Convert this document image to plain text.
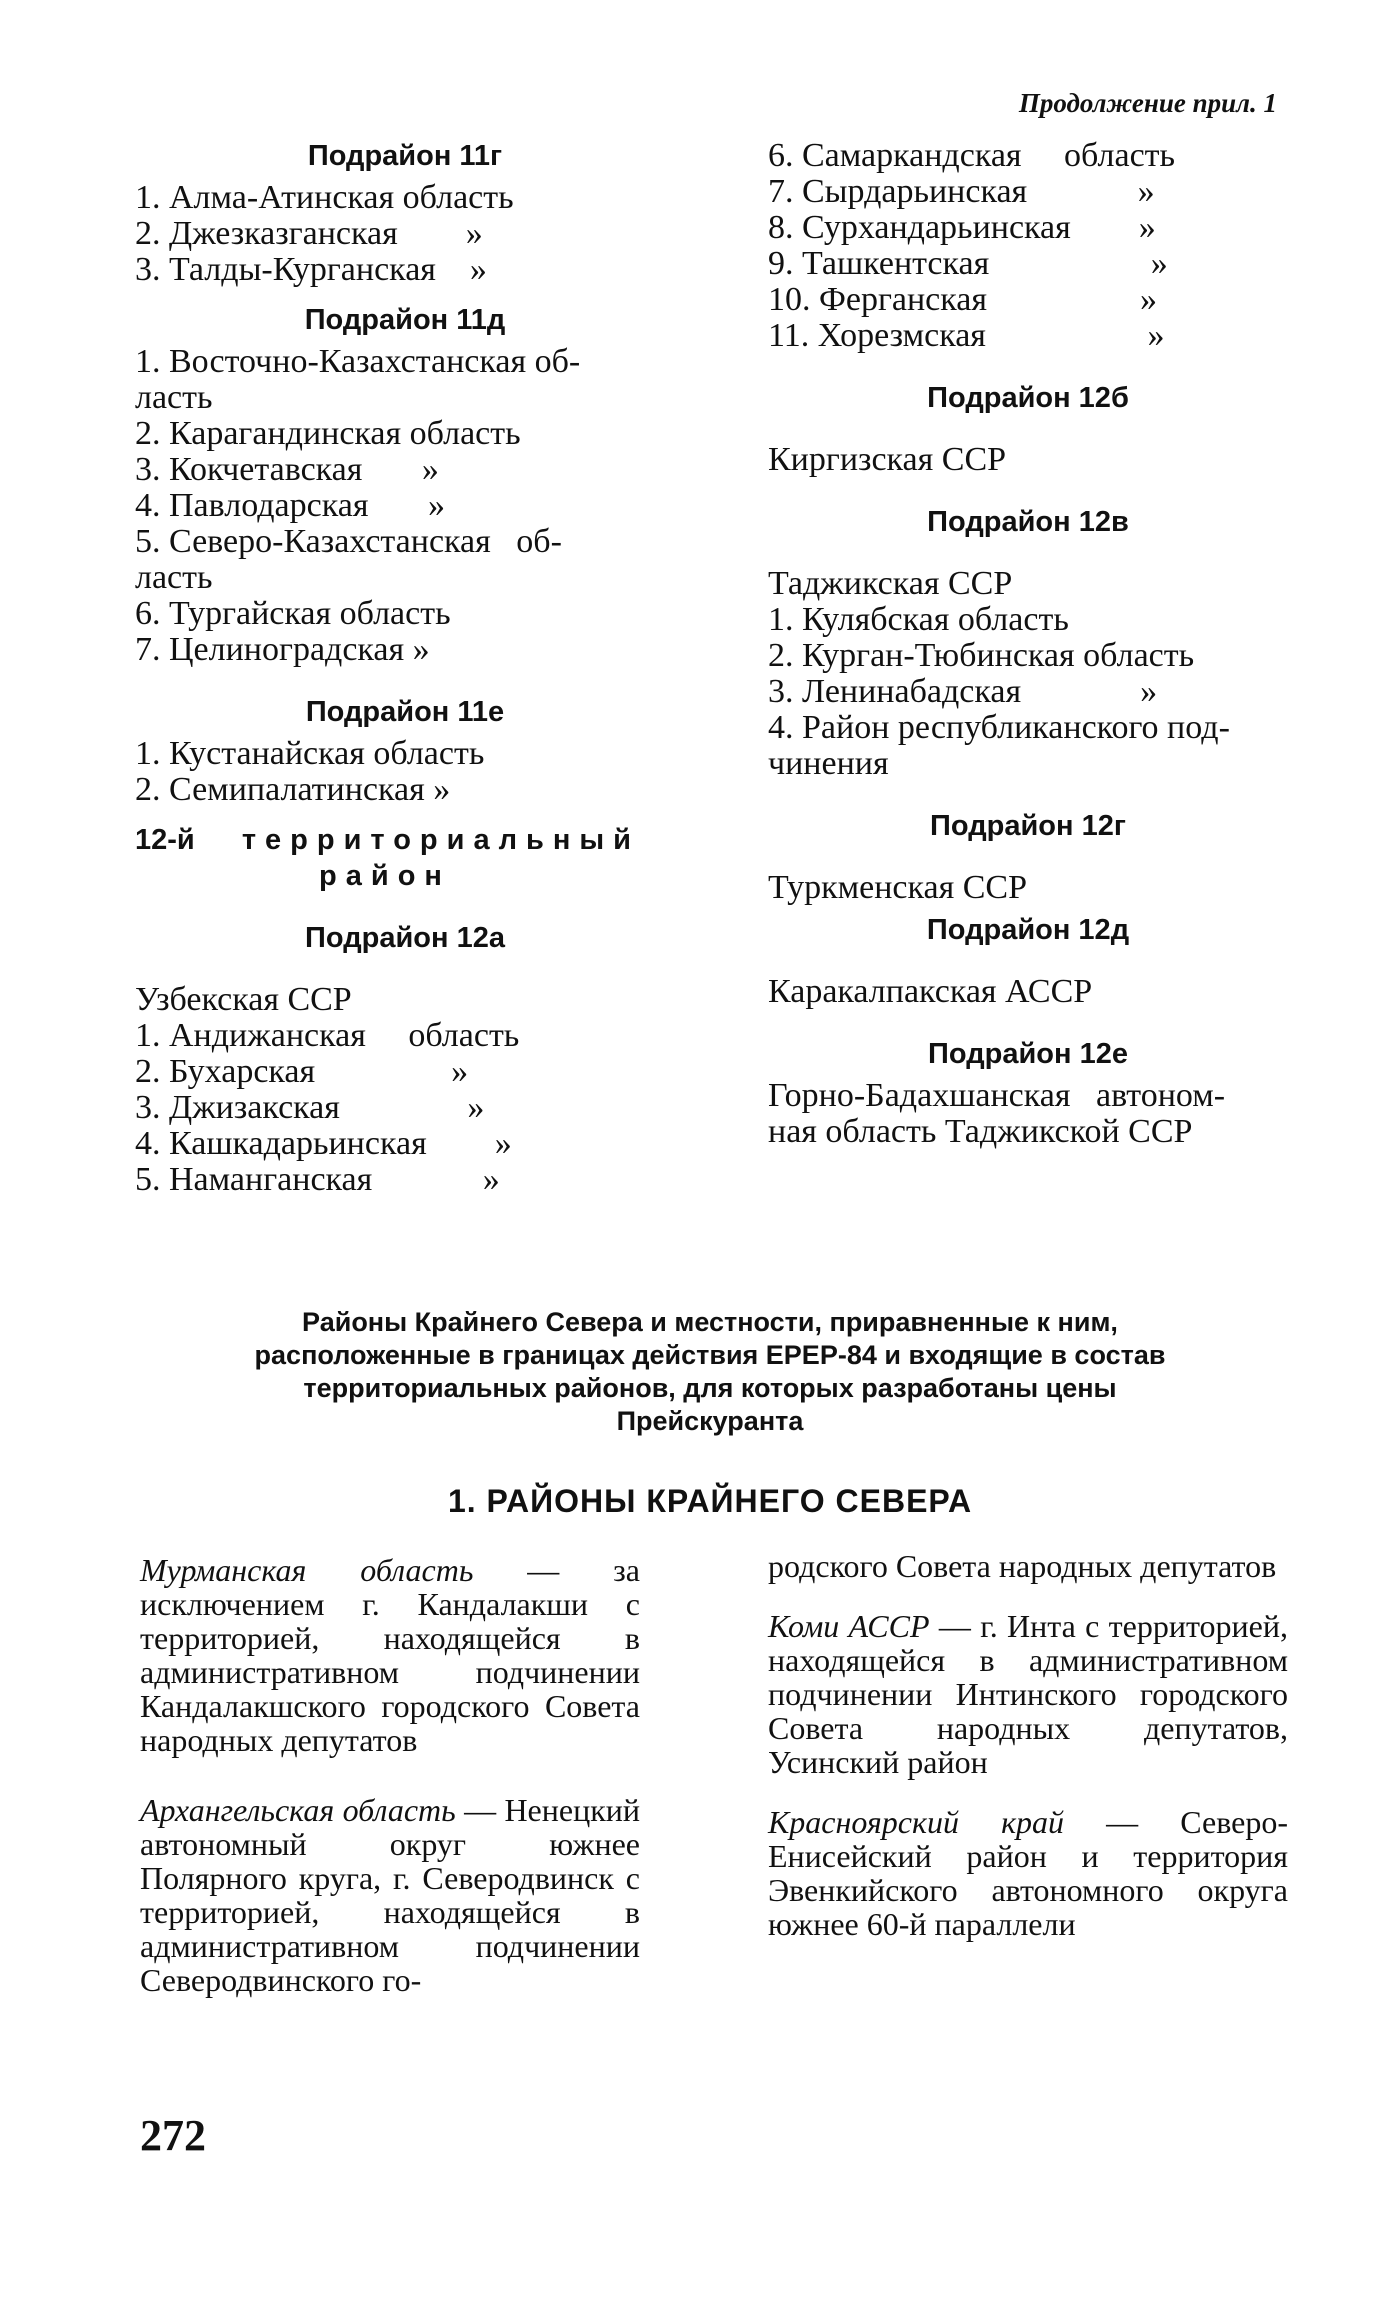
Продолжение прил. 1
Подрайон 11г
1. Алма-Атинская область
2. Джезказганская        »
3. Талды-Курганская    »
Подрайон 11д
1. Восточно-Казахстанская об-
ласть
2. Карагандинская область
3. Кокчетавская       »
4. Павлодарская       »
5. Северо-Казахстанская   об-
ласть
6. Тургайская область
7. Целиноградская »
Подрайон 11е
1. Кустанайская область
2. Семипалатинская »
12-й территориальный
район
Подрайон 12а
Узбекская ССР
1. Андижанская     область
2. Бухарская                »
3. Джизакская               »
4. Кашкадарьинская        »
5. Наманганская             »
6. Самаркандская     область
7. Сырдарьинская             »
8. Сурхандарьинская        »
9. Ташкентская                   »
10. Ферганская                  »
11. Хорезмская                   »
Подрайон 12б
Киргизская ССР
Подрайон 12в
Таджикская ССР
1. Кулябская область
2. Курган-Тюбинская область
3. Ленинабадская              »
4. Район республиканского под-
чинения
Подрайон 12г
Туркменская ССР
Подрайон 12д
Каракалпакская АССР
Подрайон 12е
Горно-Бадахшанская   автоном-
ная область Таджикской ССР
Районы Крайнего Севера и местности, приравненные к ним,
расположенные в границах действия ЕРЕР-84 и входящие в состав
территориальных районов, для которых разработаны цены
Прейскуранта
1. РАЙОНЫ КРАЙНЕГО СЕВЕРА

Мурманская область — за исключением г. Кандалакши с территорией, находящейся в административном подчинении Кандалакшского городского Совета народных депутатов

Архангельская область — Ненецкий автономный округ южнее Полярного круга, г. Северодвинск с территорией, находящейся в административном подчинении Северодвинского го-

родского Совета народных депутатов

Коми АССР — г. Инта с территорией, находящейся в административном подчинении Интинского городского Совета народных депутатов, Усинский район

Красноярский край — Северо-Енисейский район и территория Эвенкийского автономного округа южнее 60-й параллели

272
